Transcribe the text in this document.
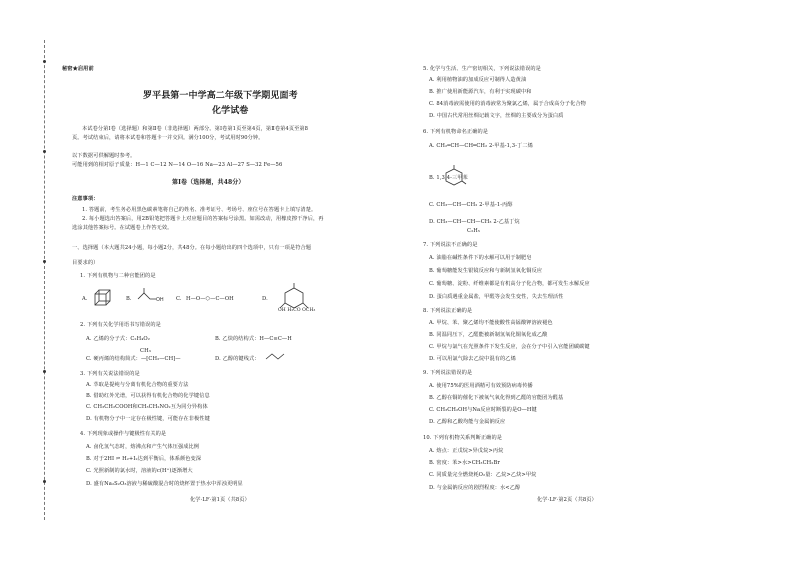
秘密★启用前
罗平县第一中学高二年级下学期见面考
化学试卷
本试卷分第Ⅰ卷（选择题）和第Ⅱ卷（非选择题）两部分。第Ⅰ卷第1页至第4页，第Ⅱ卷第4页至第8
页。考试结束后，请将本试卷和答题卡一并交回。满分100分，考试用时90分钟。
以下数据可供解题时参考。
可能用到的相对原子质量：H—1 C—12 N—14 O—16 Na—23 Al—27 S—32 Fe—56
第Ⅰ卷（选择题，共48分）
注意事项：
1. 答题前，考生务必用黑色碳素笔将自己的姓名、准考证号、考场号、座位号在答题卡上填写清楚。
2. 每小题选出答案后，用2B铅笔把答题卡上对应题目的答案标号涂黑。如需改动，用橡皮擦干净后，再
选涂其他答案标号。在试题卷上作答无效。
一、选择题（本大题共24小题，每小题2分，共48分。在每小题给出的四个选项中，只有一项是符合题
目要求的）
1. 下列有机物与二种官能团的是
A.	B.	OH C. H—O—⬡—C—OH	D.
OH H₂CO OCH₃
2. 下列有关化学用语书写错误的是
A. 乙烯的分子式：C₂H₄O₂	B. 乙炔的结构式：H—C≡C—H
CH₃
C. 硬丙烯的结构简式：—[CH₂—CH]—	D. 乙醇的键线式：
3. 下列有关说法错误的是
A. 萃取是提纯与分离有机化合物的重要方法
B. 借助红外光谱，可以获得有机化合物的化学键信息
C. CH₃CH₂COOH和CH₃CH₂NO₂互为同分异构体
D. 有机物分子中一定存在极性键，可能存在非极性键
4. 下列现象或操作与键极性有关的是
A. 卤化氢气态时，熔沸点和产生气体压强成比例
B. 对于2HI ⇌ H₂+I₂达到平衡后，体系颜色变深
C. 光照新制的氯水时，溶液的c(H⁺)逐渐增大
D. 盛有Na₂S₂O₃溶液与稀硫酸混合时的烧杯置于热水中浑浊更明显
化学·LF·第1页（共8页）
5. 化学与生活、生产密切相关，下列说法错误的是
A. 利用植物油的加成反应可制得人造黄油
B. 推广使用新能源汽车，有利于实现碳中和
C. 84消毒液需使用的消毒液常为聚氯乙烯，属于合成高分子化合物
D. 中国古代常用丝绸记载文字，丝绸的主要成分为蛋白质
6. 下列有机物命名正确的是
A. CH₂═CH—CH═CH₂ 2-甲基-1,3-丁二烯
B. 1,3,4-三甲苯
C. CH₃—CH—CH₂ 2-甲基-1-丙醇
D. CH₃—CH—CH—CH₃ 2-乙基丁烷
C₂H₅
7. 下列说法不正确的是
A. 油脂在碱性条件下的水解可以用于制肥皂
B. 葡萄糖能发生银镜反应和与新制氢氧化铜反应
C. 葡萄糖、淀粉、纤维素都是有机高分子化合物，都可发生水解反应
D. 蛋白质遇重金属盐，甲醛等会发生变性，失去生理活性
8. 下列说法正确的是
A. 甲烷、苯、聚乙烯均不能使酸性高锰酸钾溶液褪色
B. 同温同压下，乙醛能被新制氢氧化铜氧化成乙酸
C. 甲烷与氯气在光照条件下发生反应，会在分子中引入官能团碳碳键
D. 可以用氯气除去乙烷中混有的乙烯
9. 下列说法错误的是
A. 使用75%的医用酒精可有效预防病毒传播
B. 乙醇在铜的催化下被氧气氧化得到乙醛的官能团为醛基
C. CH₃CH₂OH与Na反应时断裂的是O—H键
D. 乙醇和乙酸均能与金属钠反应
10. 下列有机物关系判断正确的是
A. 熔点：正戊烷>异戊烷>丙烷
B. 密度：苯>水>CH₃CH₂Br
C. 同质量完全燃烧耗O₂量：乙烷>乙炔>甲烷
D. 与金属钠反应的剧烈程度：水<乙醇
化学·LF·第2页（共8页）
